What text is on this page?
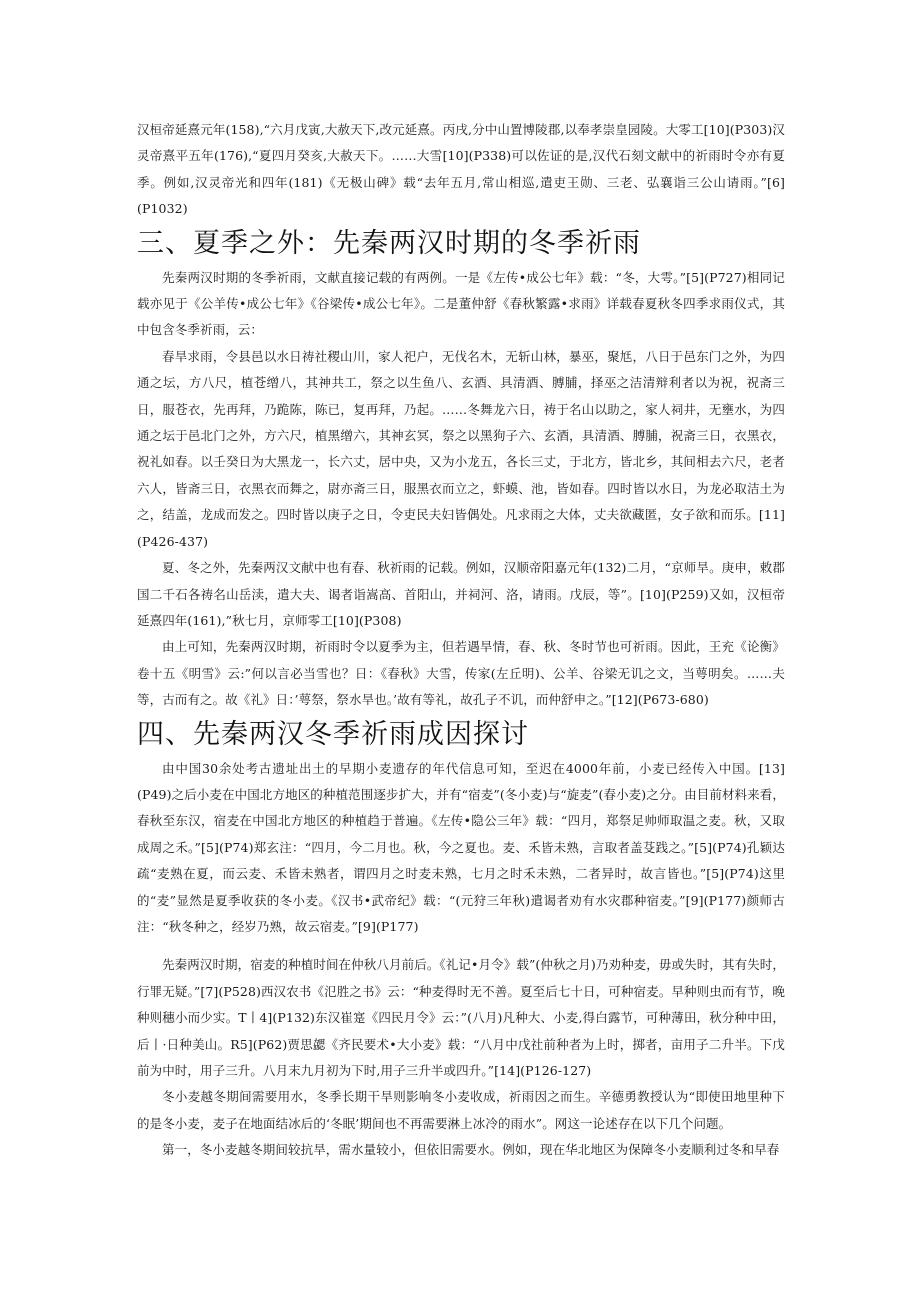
汉桓帝延熹元年(158),“六月戊寅,大赦天下,改元延熹。丙戌,分中山置博陵郡,以奉孝崇皇园陵。大零工[10](P303)汉灵帝熹平五年(176),“夏四月癸亥,大赦天下。……大雪[10](P338)可以佐证的是,汉代石刻文献中的祈雨时令亦有夏季。例如,汉灵帝光和四年(181)《无极山碑》载“去年五月,常山相巡,遣吏王勋、三老、弘襄诣三公山请雨。”[6](P1032)

三、夏季之外：先秦两汉时期的冬季祈雨

先秦两汉时期的冬季祈雨，文献直接记载的有两例。一是《左传•成公七年》载：“冬，大雩。”[5](P727)相同记载亦见于《公羊传•成公七年》《谷梁传•成公七年》。二是董仲舒《春秋繁露•求雨》详载春夏秋冬四季求雨仪式，其中包含冬季祈雨，云：

春旱求雨，令县邑以水日祷社稷山川，家人祀户，无伐名木，无斩山林，暴巫，聚尪，八日于邑东门之外，为四通之坛，方八尺，植苍缯八，其神共工，祭之以生鱼八、玄酒、具清酒、膊脯，择巫之洁清辩利者以为祝，祝斋三日，服苍衣，先再拜，乃跪陈，陈已，复再拜，乃起。……冬舞龙六日，祷于名山以助之，家人祠井，无壅水，为四通之坛于邑北门之外，方六尺，植黑缯六，其神玄冥，祭之以黑狗子六、玄酒，具清酒、膊脯，祝斋三日，衣黑衣，祝礼如春。以壬癸日为大黑龙一，长六丈，居中央，又为小龙五，各长三丈，于北方，皆北乡，其间相去六尺，老者六人，皆斋三日，衣黑衣而舞之，尉亦斋三日，服黑衣而立之，虾蟆、池，皆如春。四时皆以水日，为龙必取洁土为之，结盖，龙成而发之。四时皆以庚子之日，令吏民夫妇皆偶处。凡求雨之大体，丈夫欲藏匿，女子欲和而乐。[11](P426-437)

夏、冬之外，先秦两汉文献中也有春、秋祈雨的记载。例如，汉顺帝阳嘉元年(132)二月，“京师旱。庚申，敕郡国二千石各祷名山岳渎，遣大夫、谒者诣嵩高、首阳山，并祠河、洛，请雨。戊辰，等”。[10](P259)又如，汉桓帝延熹四年(161),”秋七月，京师零工[10](P308)

由上可知，先秦两汉时期，祈雨时令以夏季为主，但若遇旱情，春、秋、冬时节也可祈雨。因此，王充《论衡》卷十五《明雪》云:”何以言必当雪也？日：《春秋》大雪，传家(左丘明)、公羊、谷梁无讥之文，当萼明矣。……夫等，古而有之。故《礼》日：’萼祭，祭水旱也。’故有等礼，故孔子不讥，而仲舒申之。”[12](P673-680)

四、先秦两汉冬季祈雨成因探讨

由中国30余处考古遗址出土的早期小麦遗存的年代信息可知，至迟在4000年前，小麦已经传入中国。[13](P49)之后小麦在中国北方地区的种植范围逐步扩大，并有“宿麦”(冬小麦)与“旋麦”(春小麦)之分。由目前材料来看，春秋至东汉，宿麦在中国北方地区的种植趋于普遍。《左传•隐公三年》载：“四月，郑祭足帅师取温之麦。秋，又取成周之禾。”[5](P74)郑玄注：“四月，今二月也。秋，今之夏也。麦、禾皆未熟，言取者盖芟践之。”[5](P74)孔颖达疏“麦熟在夏，而云麦、禾皆未熟者，谓四月之时麦未熟，七月之时禾未熟，二者异时，故言皆也。”[5](P74)这里的“麦”显然是夏季收获的冬小麦。《汉书•武帝纪》载：“(元狩三年秋)遣谒者劝有水灾郡种宿麦。”[9](P177)颜师古注：“秋冬种之，经岁乃熟，故云宿麦。”[9](P177)

先秦两汉时期，宿麦的种植时间在仲秋八月前后。《礼记•月令》载”(仲秋之月)乃劝种麦，毋或失时，其有失时，行罪无疑。”[7](P528)西汉农书《氾胜之书》云：“种麦得时无不善。夏至后七十日，可种宿麦。早种则虫而有节，晚种则穗小而少实。T丨4](P132)东汉崔寔《四民月令》云：”(八月)凡种大、小麦,得白露节，可种薄田，秋分种中田，后丨·日种美山。R5](P62)贾思勰《齐民要术•大小麦》载：“八月中戊社前种者为上时，掷者，亩用子二升半。下戊前为中时，用子三升。八月末九月初为下时,用子三升半或四升。”[14](P126-127)

冬小麦越冬期间需要用水，冬季长期干旱则影响冬小麦收成，祈雨因之而生。辛德勇教授认为“即使田地里种下的是冬小麦，麦子在地面结冰后的‘冬眠’期间也不再需要淋上冰冷的雨水”。网这一论述存在以下几个问题。

第一，冬小麦越冬期间较抗旱，需水量较小，但依旧需要水。例如，现在华北地区为保障冬小麦顺利过冬和早春
